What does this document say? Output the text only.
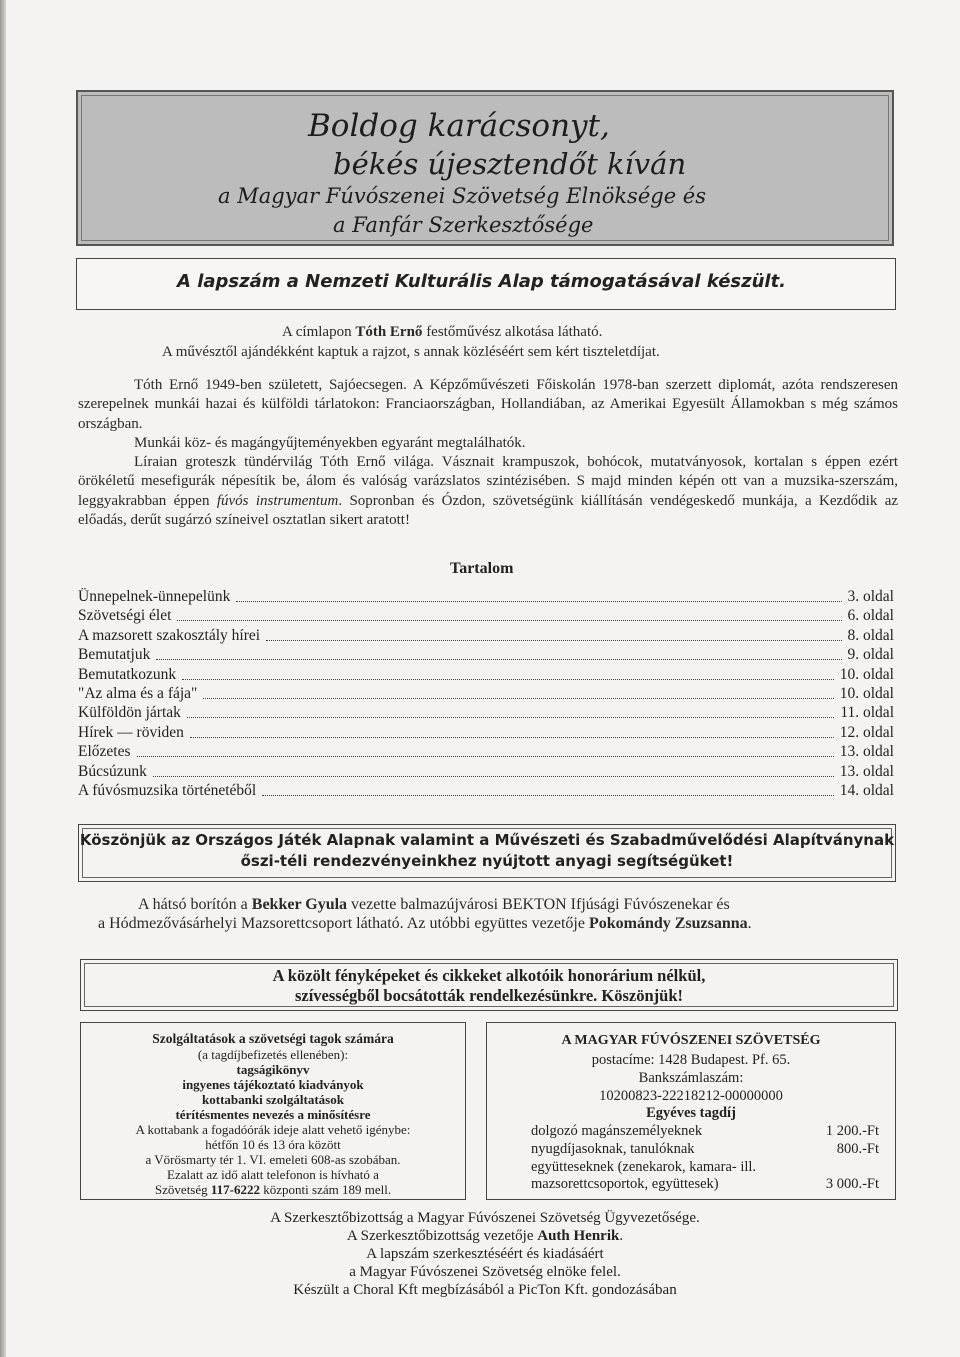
Boldog karácsonyt,
békés újesztendőt kíván
a Magyar Fúvószenei Szövetség Elnöksége és
a Fanfár Szerkesztősége
A lapszám a Nemzeti Kulturális Alap támogatásával készült.
A címlapon Tóth Ernő festőművész alkotása látható.
A művésztől ajándékként kaptuk a rajzot, s annak közléséért sem kért tiszteletdíjat.
Tóth Ernő 1949-ben született, Sajóecsegen. A Képzőművészeti Főiskolán 1978-ban szerzett diplomát, azóta rendszeresen szerepelnek munkái hazai és külföldi tárlatokon: Franciaországban, Hollandiában, az Amerikai Egyesült Államokban s még számos országban.
Munkái köz- és magángyűjteményekben egyaránt megtalálhatók.
Líraian groteszk tündérvilág Tóth Ernő világa. Vásznait krampuszok, bohócok, mutatványosok, kortalan s éppen ezért örökéletű mesefigurák népesítik be, álom és valóság varázslatos szintézisében. S majd minden képén ott van a muzsika-szerszám, leggyakrabban éppen fúvós instrumentum. Sopronban és Ózdon, szövetségünk kiállításán vendégeskedő munkája, a Kezdődik az előadás, derűt sugárzó színeivel osztatlan sikert aratott!
Tartalom
Ünnepelnek-ünnepelünk	3. oldal
Szövetségi élet	6. oldal
A mazsorett szakosztály hírei	8. oldal
Bemutatjuk	9. oldal
Bemutatkozunk	10. oldal
"Az alma és a fája"	10. oldal
Külföldön jártak	11. oldal
Hírek — röviden	12. oldal
Előzetes	13. oldal
Búcsúzunk	13. oldal
A fúvósmuzsika történetéből	14. oldal
Köszönjük az Országos Játék Alapnak valamint a Művészeti és Szabadművelődési Alapítványnak
őszi-téli rendezvényeinkhez nyújtott anyagi segítségüket!
A hátsó borítón a Bekker Gyula vezette balmazújvárosi BEKTON Ifjúsági Fúvószenekar és
a Hódmezővásárhelyi Mazsorettcsoport látható. Az utóbbi együttes vezetője Pokomándy Zsuzsanna.
A közölt fényképeket és cikkeket alkotóik honorárium nélkül,
szívességből bocsátották rendelkezésünkre. Köszönjük!
Szolgáltatások a szövetségi tagok számára
(a tagdíjbefizetés ellenében):
tagságikönyv
ingyenes tájékoztató kiadványok
kottabanki szolgáltatások
térítésmentes nevezés a minősítésre
A kottabank a fogadóórák ideje alatt vehető igénybe:
hétfőn 10 és 13 óra között
a Vörösmarty tér 1. VI. emeleti 608-as szobában.
Ezalatt az idő alatt telefonon is hívható a
Szövetség 117-6222 központi szám 189 mell.
A MAGYAR FÚVÓSZENEI SZÖVETSÉG
postacíme: 1428 Budapest. Pf. 65.
Bankszámlaszám:
10200823-22218212-00000000
Egyéves tagdíj
dolgozó magánszemélyeknek	1 200.-Ft
nyugdíjasoknak, tanulóknak	800.-Ft
együtteseknek (zenekarok, kamara- ill.
mazsorettcsoportok, együttesek)	3 000.-Ft
A Szerkesztőbizottság a Magyar Fúvószenei Szövetség Ügyvezetősége.
A Szerkesztőbizottság vezetője Auth Henrik.
A lapszám szerkesztéséért és kiadásáért
a Magyar Fúvószenei Szövetség elnöke felel.
Készült a Choral Kft megbízásából a PicTon Kft. gondozásában
